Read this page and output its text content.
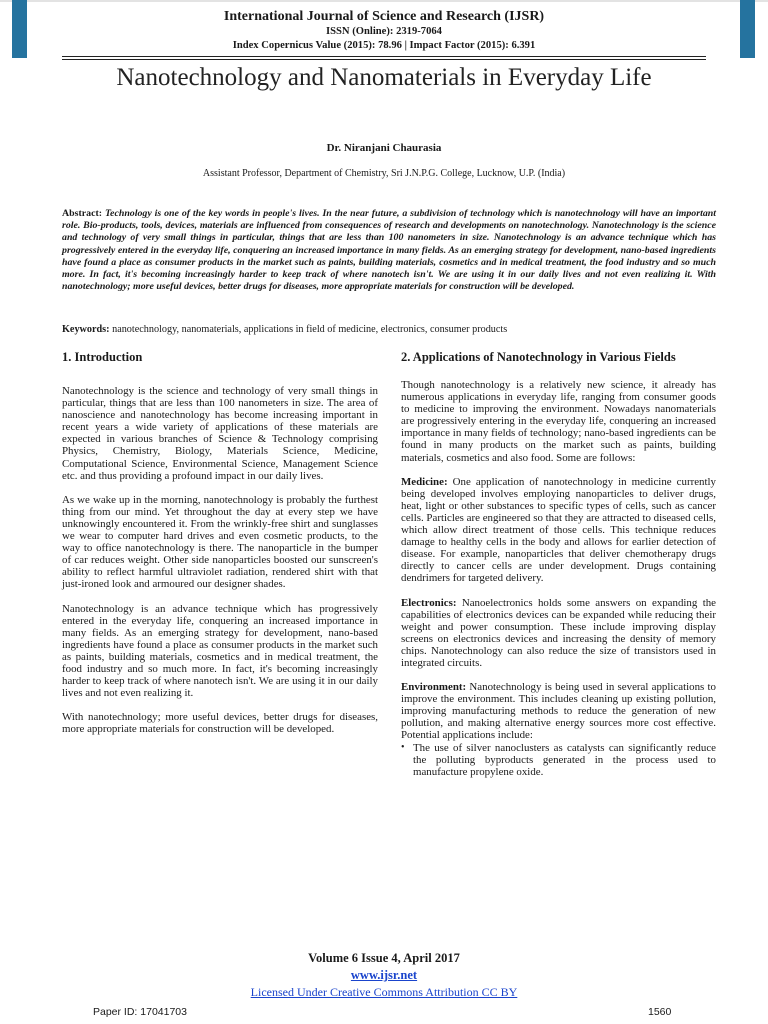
International Journal of Science and Research (IJSR)
ISSN (Online): 2319-7064
Index Copernicus Value (2015): 78.96 | Impact Factor (2015): 6.391
Nanotechnology and Nanomaterials in Everyday Life
Dr. Niranjani Chaurasia
Assistant Professor, Department of Chemistry, Sri J.N.P.G. College, Lucknow, U.P. (India)
Abstract: Technology is one of the key words in people's lives. In the near future, a subdivision of technology which is nanotechnology will have an important role. Bio-products, tools, devices, materials are influenced from consequences of research and developments on nanotechnology. Nanotechnology is the science and technology of very small things in particular, things that are less than 100 nanometers in size. Nanotechnology is an advance technique which has progressively entered in the everyday life, conquering an increased importance in many fields. As an emerging strategy for development, nano-based ingredients have found a place as consumer products in the market such as paints, building materials, cosmetics and in medical treatment, the food industry and so much more. In fact, it's becoming increasingly harder to keep track of where nanotech isn't. We are using it in our daily lives and not even realizing it. With nanotechnology; more useful devices, better drugs for diseases, more appropriate materials for construction will be developed.
Keywords: nanotechnology, nanomaterials, applications in field of medicine, electronics, consumer products
1. Introduction

Nanotechnology is the science and technology of very small things in particular, things that are less than 100 nanometers in size. The area of nanoscience and nanotechnology has become increasing important in recent years a wide variety of applications of these materials are expected in various branches of Science & Technology comprising Physics, Chemistry, Biology, Materials Science, Medicine, Computational Science, Environmental Science, Management Science etc. and thus providing a profound impact in our daily lives.

As we wake up in the morning, nanotechnology is probably the furthest thing from our mind. Yet throughout the day at every step we have unknowingly encountered it. From the wrinkly-free shirt and sunglasses we wear to computer hard drives and even cosmetic products, to the way to office nanotechnology is there. The nanoparticle in the bumper of car reduces weight. Other side nanoparticles boosted our sunscreen's ability to reflect harmful ultraviolet radiation, rendered shirt with that just-ironed look and armoured our designer shades.

Nanotechnology is an advance technique which has progressively entered in the everyday life, conquering an increased importance in many fields. As an emerging strategy for development, nano-based ingredients have found a place as consumer products in the market such as paints, building materials, cosmetics and in medical treatment, the food industry and so much more. In fact, it's becoming increasingly harder to keep track of where nanotech isn't. We are using it in our daily lives and not even realizing it.

With nanotechnology; more useful devices, better drugs for diseases, more appropriate materials for construction will be developed.

2. Applications of Nanotechnology in Various Fields

Though nanotechnology is a relatively new science, it already has numerous applications in everyday life, ranging from consumer goods to medicine to improving the environment. Nowadays nanomaterials are progressively entering in the everyday life, conquering an increased importance in many fields of technology; nano-based ingredients can be found in many products on the market such as paints, building materials, cosmetics and also food. Some are follows:

Medicine: One application of nanotechnology in medicine currently being developed involves employing nanoparticles to deliver drugs, heat, light or other substances to specific types of cells, such as cancer cells. Particles are engineered so that they are attracted to diseased cells, which allow direct treatment of those cells. This technique reduces damage to healthy cells in the body and allows for earlier detection of disease. For example, nanoparticles that deliver chemotherapy drugs directly to cancer cells are under development. Drugs containing dendrimers for targeted delivery.

Electronics: Nanoelectronics holds some answers on expanding the capabilities of electronics devices can be expanded while reducing their weight and power consumption. These include improving display screens on electronics devices and increasing the density of memory chips. Nanotechnology can also reduce the size of transistors used in integrated circuits.

Environment: Nanotechnology is being used in several applications to improve the environment. This includes cleaning up existing pollution, improving manufacturing methods to reduce the generation of new pollution, and making alternative energy sources more cost effective. Potential applications include:

• The use of silver nanoclusters as catalysts can significantly reduce the polluting byproducts generated in the process used to manufacture propylene oxide.
Volume 6 Issue 4, April 2017
www.ijsr.net
Licensed Under Creative Commons Attribution CC BY
Paper ID: 17041703	1560
